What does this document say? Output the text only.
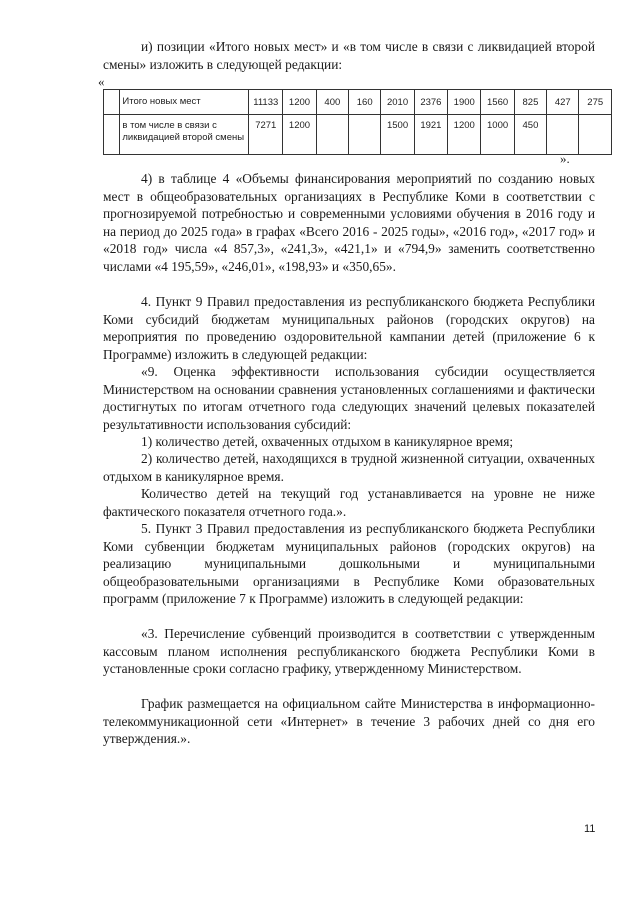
и) позиции «Итого новых мест» и «в том числе в связи с ликвидацией второй смены» изложить в следующей редакции:

«

	Итого новых мест	11133	1200	400	160	2010	2376	1900	1560	825	427	275
	в том числе в связи с ликвидацией второй смены	7271	1200			1500	1921	1200	1000	450		

».

4) в таблице 4 «Объемы финансирования мероприятий по созданию новых мест в общеобразовательных организациях в Республике Коми в соответствии с прогнозируемой потребностью и современными условиями обучения в 2016 году и на период до 2025 года» в графах «Всего 2016 - 2025 годы», «2016 год», «2017 год» и «2018 год» числа «4 857,3», «241,3», «421,1» и «794,9» заменить соответственно числами «4 195,59», «246,01», «198,93» и «350,65».

4. Пункт 9 Правил предоставления из республиканского бюджета Республики Коми субсидий бюджетам муниципальных районов (городских округов) на мероприятия по проведению оздоровительной кампании детей (приложение 6 к Программе) изложить в следующей редакции:

«9. Оценка эффективности использования субсидии осуществляется Министерством на основании сравнения установленных соглашениями и фактически достигнутых по итогам отчетного года следующих значений целевых показателей результативности использования субсидий:

1) количество детей, охваченных отдыхом в каникулярное время;

2) количество детей, находящихся в трудной жизненной ситуации, охваченных отдыхом в каникулярное время.

Количество детей на текущий год устанавливается на уровне не ниже фактического показателя отчетного года.».

5. Пункт 3 Правил предоставления из республиканского бюджета Республики Коми субвенции бюджетам муниципальных районов (городских округов) на реализацию муниципальными дошкольными и муниципальными общеобразовательными организациями в Республике Коми образовательных программ (приложение 7 к Программе) изложить в следующей редакции:

«3. Перечисление субвенций производится в соответствии с утвержденным кассовым планом исполнения республиканского бюджета Республики Коми в установленные сроки согласно графику, утвержденному Министерством.

График размещается на официальном сайте Министерства в информационно-телекоммуникационной сети «Интернет» в течение 3 рабочих дней со дня его утверждения.».

11
